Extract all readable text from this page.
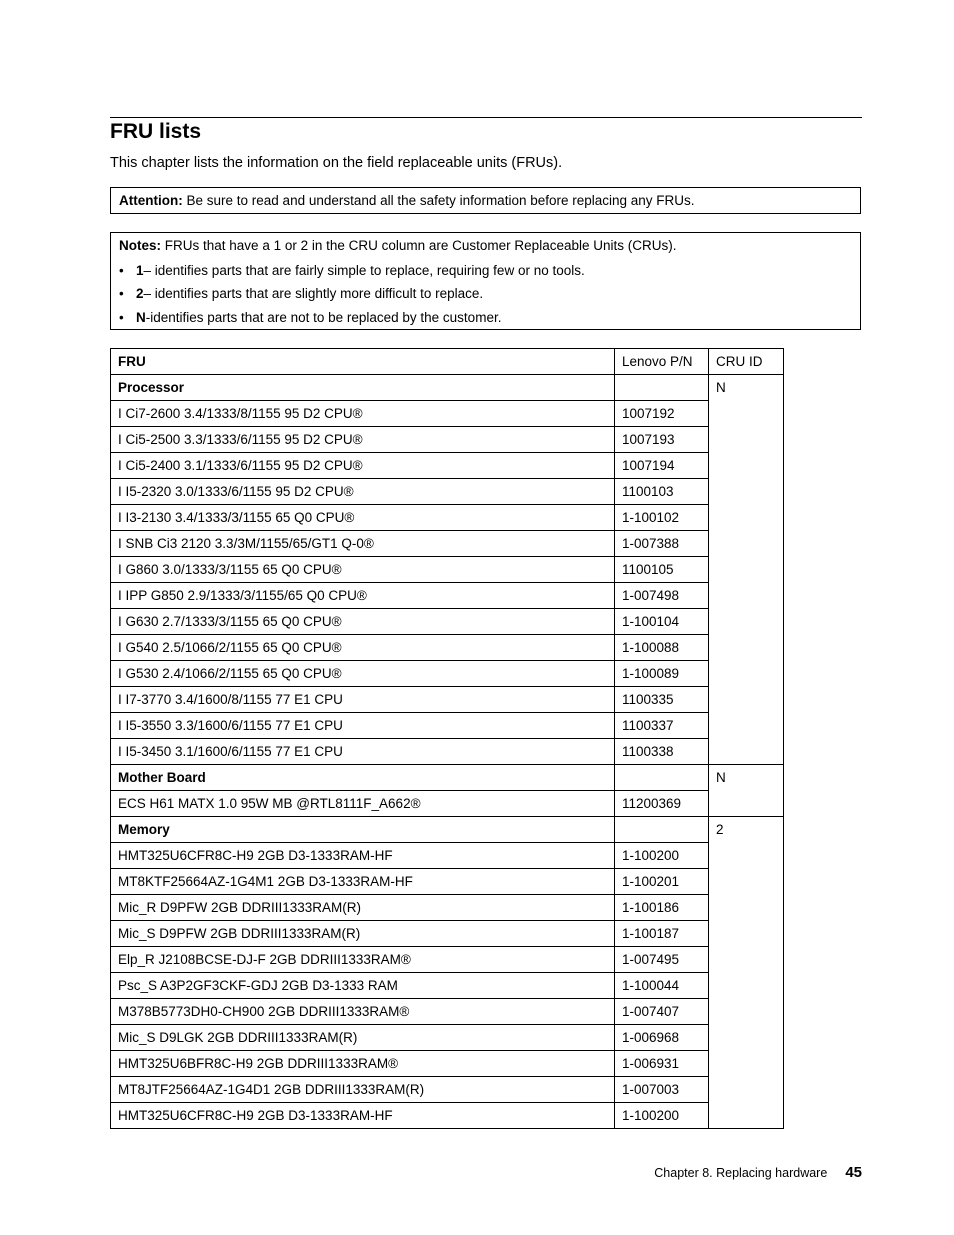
FRU lists
This chapter lists the information on the field replaceable units (FRUs).
Attention: Be sure to read and understand all the safety information before replacing any FRUs.
Notes: FRUs that have a 1 or 2 in the CRU column are Customer Replaceable Units (CRUs).
• 1– identifies parts that are fairly simple to replace, requiring few or no tools.
• 2– identifies parts that are slightly more difficult to replace.
• N-identifies parts that are not to be replaced by the customer.
FRU	Lenovo P/N	CRU ID
Processor		N
I Ci7-2600 3.4/1333/8/1155 95 D2 CPU®	1007192	
I Ci5-2500 3.3/1333/6/1155 95 D2 CPU®	1007193	
I Ci5-2400 3.1/1333/6/1155 95 D2 CPU®	1007194	
I I5-2320 3.0/1333/6/1155 95 D2 CPU®	1100103	
I I3-2130 3.4/1333/3/1155 65 Q0 CPU®	1-100102	
I SNB Ci3 2120 3.3/3M/1155/65/GT1 Q-0®	1-007388	
I G860 3.0/1333/3/1155 65 Q0 CPU®	1100105	
I IPP G850 2.9/1333/3/1155/65 Q0 CPU®	1-007498	
I G630 2.7/1333/3/1155 65 Q0 CPU®	1-100104	
I G540 2.5/1066/2/1155 65 Q0 CPU®	1-100088	
I G530 2.4/1066/2/1155 65 Q0 CPU®	1-100089	
I I7-3770 3.4/1600/8/1155 77 E1 CPU	1100335	
I I5-3550 3.3/1600/6/1155 77 E1 CPU	1100337	
I I5-3450 3.1/1600/6/1155 77 E1 CPU	1100338	
Mother Board		N
ECS H61 MATX 1.0 95W MB @RTL8111F_A662®	11200369	
Memory		2
HMT325U6CFR8C-H9 2GB D3-1333RAM-HF	1-100200	
MT8KTF25664AZ-1G4M1 2GB D3-1333RAM-HF	1-100201	
Mic_R D9PFW 2GB DDRIII1333RAM(R)	1-100186	
Mic_S D9PFW 2GB DDRIII1333RAM(R)	1-100187	
Elp_R J2108BCSE-DJ-F 2GB DDRIII1333RAM®	1-007495	
Psc_S A3P2GF3CKF-GDJ 2GB D3-1333 RAM	1-100044	
M378B5773DH0-CH900 2GB DDRIII1333RAM®	1-007407	
Mic_S D9LGK 2GB DDRIII1333RAM(R)	1-006968	
HMT325U6BFR8C-H9 2GB DDRIII1333RAM®	1-006931	
MT8JTF25664AZ-1G4D1 2GB DDRIII1333RAM(R)	1-007003	
HMT325U6CFR8C-H9 2GB D3-1333RAM-HF	1-100200	
Chapter 8. Replacing hardware 45
